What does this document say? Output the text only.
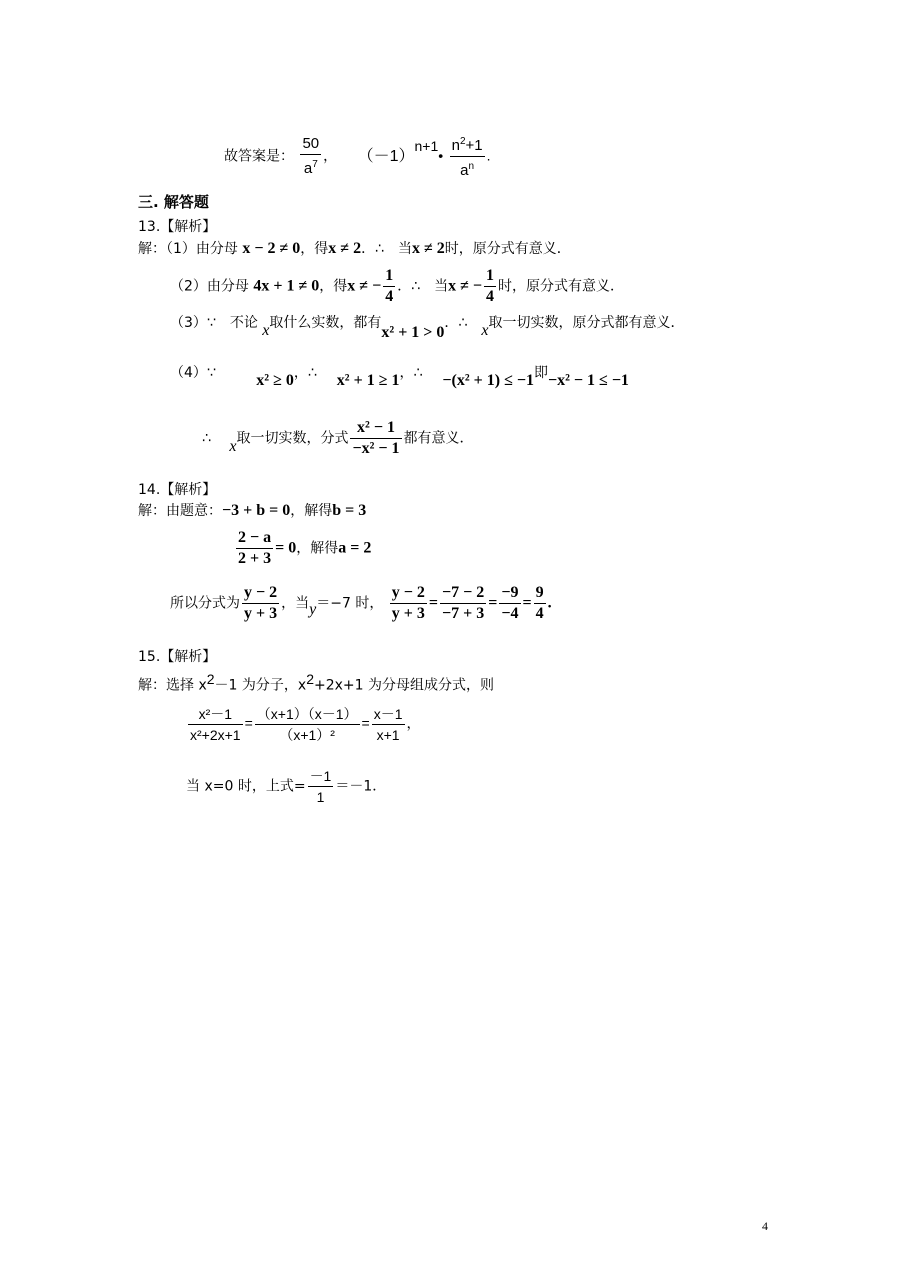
故答案是： $\frac{50}{a^7}$ ， $(-1)^{n+1}• \frac{n^2+1}{a^n}$ .
三. 解答题
13.【解析】
解：（1）由分母 x − 2 ≠ 0，得x ≠ 2．∴　当x ≠ 2时，原分式有意义．
（2）由分母 4x + 1 ≠ 0，得x ≠ − $\frac{1}{4}$ ．∴　当x ≠ − $\frac{1}{4}$ 时，原分式有意义．
（3）∵　不论 x取什么实数，都有x² + 1 > 0．∴　x取一切实数，原分式都有意义．
（4）∵	x² ≥ 0，∴ x² + 1 ≥ 1，∴ −(x² + 1) ≤ −1即−x² − 1 ≤ −1
∴ x取一切实数，分式 $\frac{\text{x² − 1}}{\text{−x² − 1}}$ 都有意义．
14.【解析】
解：由题意：−3 + b = 0，解得b = 3
$\frac{2 - a}{2 + 3} = 0$，解得a = 2
所以分式为 $\frac{y - 2}{y + 3}$ ，当y＝−7 时， $\frac{y - 2}{y + 3} = \frac{-7 - 2}{-7 + 3} = \frac{-9}{-4} = \frac{9}{4}$ .
15.【解析】
解：选择 $x^2-1$ 为分子，$x^2+2x+1$ 为分母组成分式，则
$\frac{\text{x²－1}}{\text{x²+2x+1}} = \frac{(x+1)(x-1)}{\text{（x+1）²}} = \frac{x-1}{x+1}$ ，
当 x=0 时，上式= $\frac{-1}{1} =-1$．
4
